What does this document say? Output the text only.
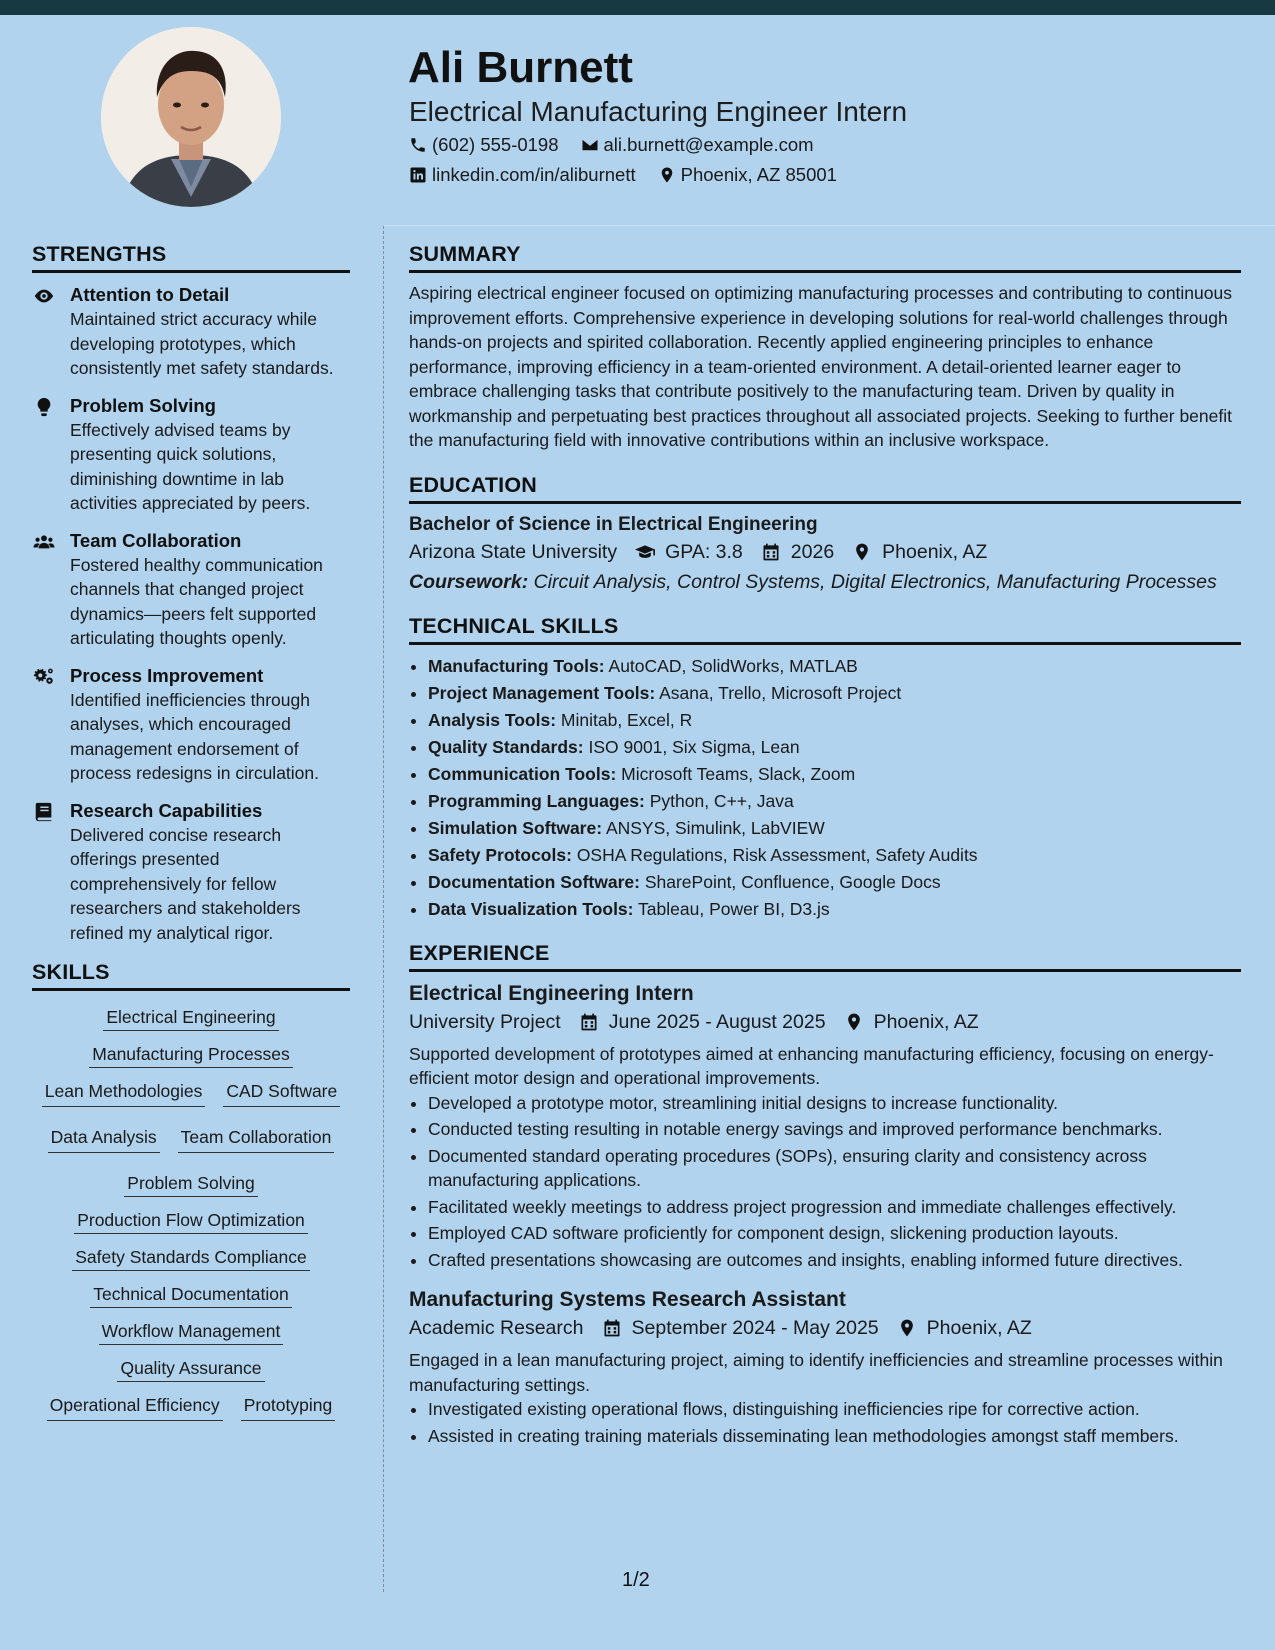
Ali Burnett
Electrical Manufacturing Engineer Intern
(602) 555-0198 ali.burnett@example.com
linkedin.com/in/aliburnett Phoenix, AZ 85001
STRENGTHS
Attention to Detail
Maintained strict accuracy while developing prototypes, which consistently met safety standards.
Problem Solving
Effectively advised teams by presenting quick solutions, diminishing downtime in lab activities appreciated by peers.
Team Collaboration
Fostered healthy communication channels that changed project dynamics—peers felt supported articulating thoughts openly.
Process Improvement
Identified inefficiencies through analyses, which encouraged management endorsement of process redesigns in circulation.
Research Capabilities
Delivered concise research offerings presented comprehensively for fellow researchers and stakeholders refined my analytical rigor.
SKILLS
Electrical Engineering
Manufacturing Processes
Lean Methodologies CAD Software
Data Analysis Team Collaboration
Problem Solving
Production Flow Optimization
Safety Standards Compliance
Technical Documentation
Workflow Management
Quality Assurance
Operational Efficiency Prototyping
SUMMARY
Aspiring electrical engineer focused on optimizing manufacturing processes and contributing to continuous improvement efforts. Comprehensive experience in developing solutions for real-world challenges through hands-on projects and spirited collaboration. Recently applied engineering principles to enhance performance, improving efficiency in a team-oriented environment. A detail-oriented learner eager to embrace challenging tasks that contribute positively to the manufacturing team. Driven by quality in workmanship and perpetuating best practices throughout all associated projects. Seeking to further benefit the manufacturing field with innovative contributions within an inclusive workspace.
EDUCATION
Bachelor of Science in Electrical Engineering
Arizona State University GPA: 3.8 2026 Phoenix, AZ
Coursework: Circuit Analysis, Control Systems, Digital Electronics, Manufacturing Processes
TECHNICAL SKILLS
• Manufacturing Tools: AutoCAD, SolidWorks, MATLAB
• Project Management Tools: Asana, Trello, Microsoft Project
• Analysis Tools: Minitab, Excel, R
• Quality Standards: ISO 9001, Six Sigma, Lean
• Communication Tools: Microsoft Teams, Slack, Zoom
• Programming Languages: Python, C++, Java
• Simulation Software: ANSYS, Simulink, LabVIEW
• Safety Protocols: OSHA Regulations, Risk Assessment, Safety Audits
• Documentation Software: SharePoint, Confluence, Google Docs
• Data Visualization Tools: Tableau, Power BI, D3.js
EXPERIENCE
Electrical Engineering Intern
University Project June 2025 - August 2025 Phoenix, AZ
Supported development of prototypes aimed at enhancing manufacturing efficiency, focusing on energy-efficient motor design and operational improvements.
• Developed a prototype motor, streamlining initial designs to increase functionality.
• Conducted testing resulting in notable energy savings and improved performance benchmarks.
• Documented standard operating procedures (SOPs), ensuring clarity and consistency across manufacturing applications.
• Facilitated weekly meetings to address project progression and immediate challenges effectively.
• Employed CAD software proficiently for component design, slickening production layouts.
• Crafted presentations showcasing are outcomes and insights, enabling informed future directives.
Manufacturing Systems Research Assistant
Academic Research September 2024 - May 2025 Phoenix, AZ
Engaged in a lean manufacturing project, aiming to identify inefficiencies and streamline processes within manufacturing settings.
• Investigated existing operational flows, distinguishing inefficiencies ripe for corrective action.
• Assisted in creating training materials disseminating lean methodologies amongst staff members.
1/2
